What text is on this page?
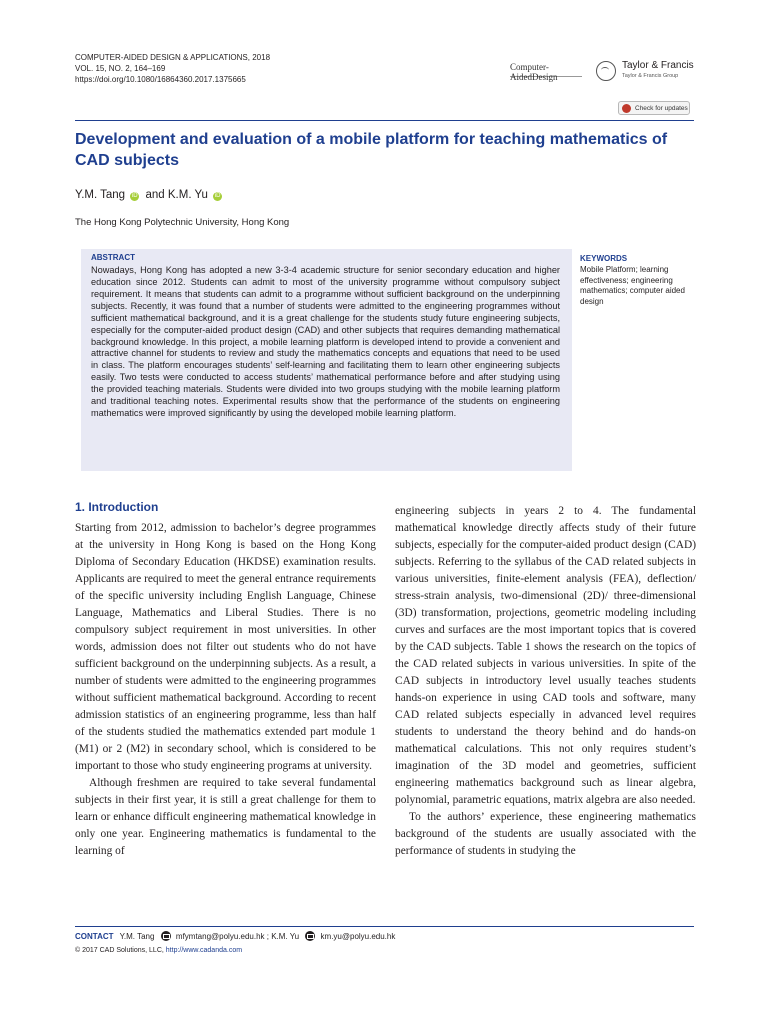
COMPUTER-AIDED DESIGN & APPLICATIONS, 2018
VOL. 15, NO. 2, 164–169
https://doi.org/10.1080/16864360.2017.1375665
Computer-AidedDesign
Taylor & Francis
Taylor & Francis Group
Check for updates
Development and evaluation of a mobile platform for teaching mathematics of CAD subjects
Y.M. Tang iD and K.M. Yu iD
The Hong Kong Polytechnic University, Hong Kong
ABSTRACT
Nowadays, Hong Kong has adopted a new 3-3-4 academic structure for senior secondary education and higher education since 2012. Students can admit to most of the university programme without compulsory subject requirement. It means that students can admit to a programme without sufficient background on the underpinning subjects. Recently, it was found that a number of students were admitted to the engineering programmes without sufficient mathematical background, and it is a great challenge for the students study future engineering subjects, especially for the computer-aided product design (CAD) and other subjects that requires demanding mathematical background knowledge. In this project, a mobile learning platform is developed intend to provide a convenient and attractive channel for students to review and study the mathematics concepts and equations that need to be used in class. The platform encourages students’ self-learning and facilitating them to learn other engineering subjects easily. Two tests were conducted to access students’ mathematical performance before and after studying using the provided teaching materials. Students were divided into two groups studying with the mobile learning platform and traditional teaching notes. Experimental results show that the performance of the students on engineering mathematics were improved significantly by using the developed mobile learning platform.
KEYWORDS
Mobile Platform; learning effectiveness; engineering mathematics; computer aided design
1. Introduction

Starting from 2012, admission to bachelor’s degree programmes at the university in Hong Kong is based on the Hong Kong Diploma of Secondary Education (HKDSE) examination results. Applicants are required to meet the general entrance requirements of the specific university including English Language, Chinese Language, Mathematics and Liberal Studies. There is no compulsory subject requirement in most universities. In other words, admission does not filter out students who do not have sufficient background on the underpinning subjects. As a result, a number of students were admitted to the engineering programmes without sufficient mathematical background. According to recent admission statistics of an engineering programme, less than half of the students studied the mathematics extended part module 1 (M1) or 2 (M2) in secondary school, which is considered to be important to those who study engineering programs at university.

Although freshmen are required to take several fundamental subjects in their first year, it is still a great challenge for them to learn or enhance difficult engineering mathematical knowledge in only one year. Engineering mathematics is fundamental to the learning of

engineering subjects in years 2 to 4. The fundamental mathematical knowledge directly affects study of their future subjects, especially for the computer-aided product design (CAD) subjects. Referring to the syllabus of the CAD related subjects in various universities, finite-element analysis (FEA), deflection/ stress-strain analysis, two-dimensional (2D)/ three-dimensional (3D) transformation, projections, geometric modeling including curves and surfaces are the most important topics that is covered by the CAD subjects. Table 1 shows the research on the topics of the CAD related subjects in various universities. In spite of the CAD subjects in introductory level usually teaches students hands-on experience in using CAD tools and software, many CAD related subjects especially in advanced level requires students to understand the theory behind and do hands-on mathematical calculations. This not only requires student’s imagination of the 3D model and geometries, sufficient engineering mathematics background such as linear algebra, polynomial, parametric equations, matrix algebra are also needed.

To the authors’ experience, these engineering mathematics background of the students are usually associated with the performance of students in studying the

CONTACT Y.M. Tang	mfymtang@polyu.edu.hk ; K.M. Yu	km.yu@polyu.edu.hk
© 2017 CAD Solutions, LLC, http://www.cadanda.com
